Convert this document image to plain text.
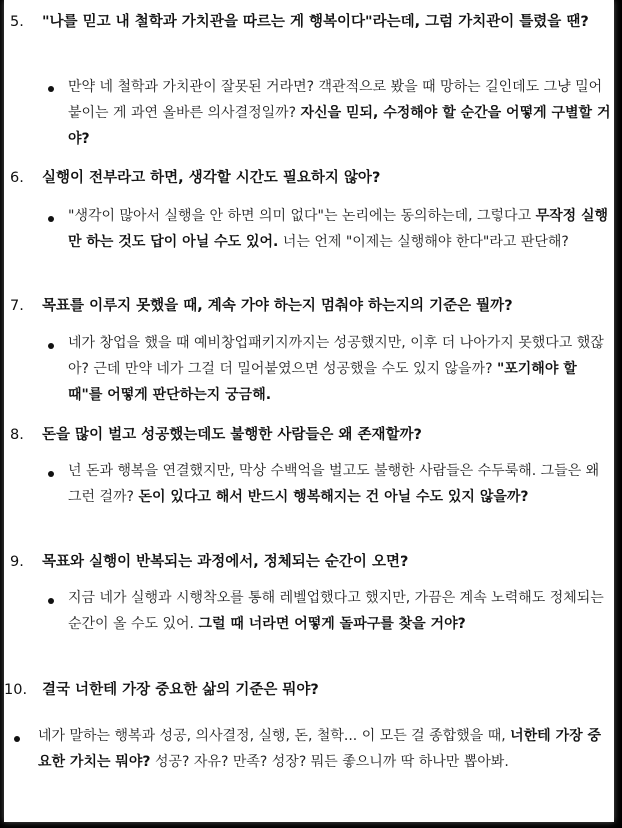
5. "나를 믿고 내 철학과 가치관을 따르는 게 행복이다"라는데, 그럼 가치관이 틀렸을 땐?
만약 네 철학과 가치관이 잘못된 거라면? 객관적으로 봤을 때 망하는 길인데도 그냥 밀어붙이는 게 과연 올바른 의사결정일까? 자신을 믿되, 수정해야 할 순간을 어떻게 구별할 거야?
6. 실행이 전부라고 하면, 생각할 시간도 필요하지 않아?
"생각이 많아서 실행을 안 하면 의미 없다"는 논리에는 동의하는데, 그렇다고 무작정 실행만 하는 것도 답이 아닐 수도 있어. 너는 언제 "이제는 실행해야 한다"라고 판단해?
7. 목표를 이루지 못했을 때, 계속 가야 하는지 멈춰야 하는지의 기준은 뭘까?
네가 창업을 했을 때 예비창업패키지까지는 성공했지만, 이후 더 나아가지 못했다고 했잖아? 근데 만약 네가 그걸 더 밀어붙였으면 성공했을 수도 있지 않을까? "포기해야 할 때"를 어떻게 판단하는지 궁금해.
8. 돈을 많이 벌고 성공했는데도 불행한 사람들은 왜 존재할까?
넌 돈과 행복을 연결했지만, 막상 수백억을 벌고도 불행한 사람들은 수두룩해. 그들은 왜 그런 걸까? 돈이 있다고 해서 반드시 행복해지는 건 아닐 수도 있지 않을까?
9. 목표와 실행이 반복되는 과정에서, 정체되는 순간이 오면?
지금 네가 실행과 시행착오를 통해 레벨업했다고 했지만, 가끔은 계속 노력해도 정체되는 순간이 올 수도 있어. 그럴 때 너라면 어떻게 돌파구를 찾을 거야?
10. 결국 너한테 가장 중요한 삶의 기준은 뭐야?
네가 말하는 행복과 성공, 의사결정, 실행, 돈, 철학... 이 모든 걸 종합했을 때, 너한테 가장 중요한 가치는 뭐야? 성공? 자유? 만족? 성장? 뭐든 좋으니까 딱 하나만 뽑아봐.
